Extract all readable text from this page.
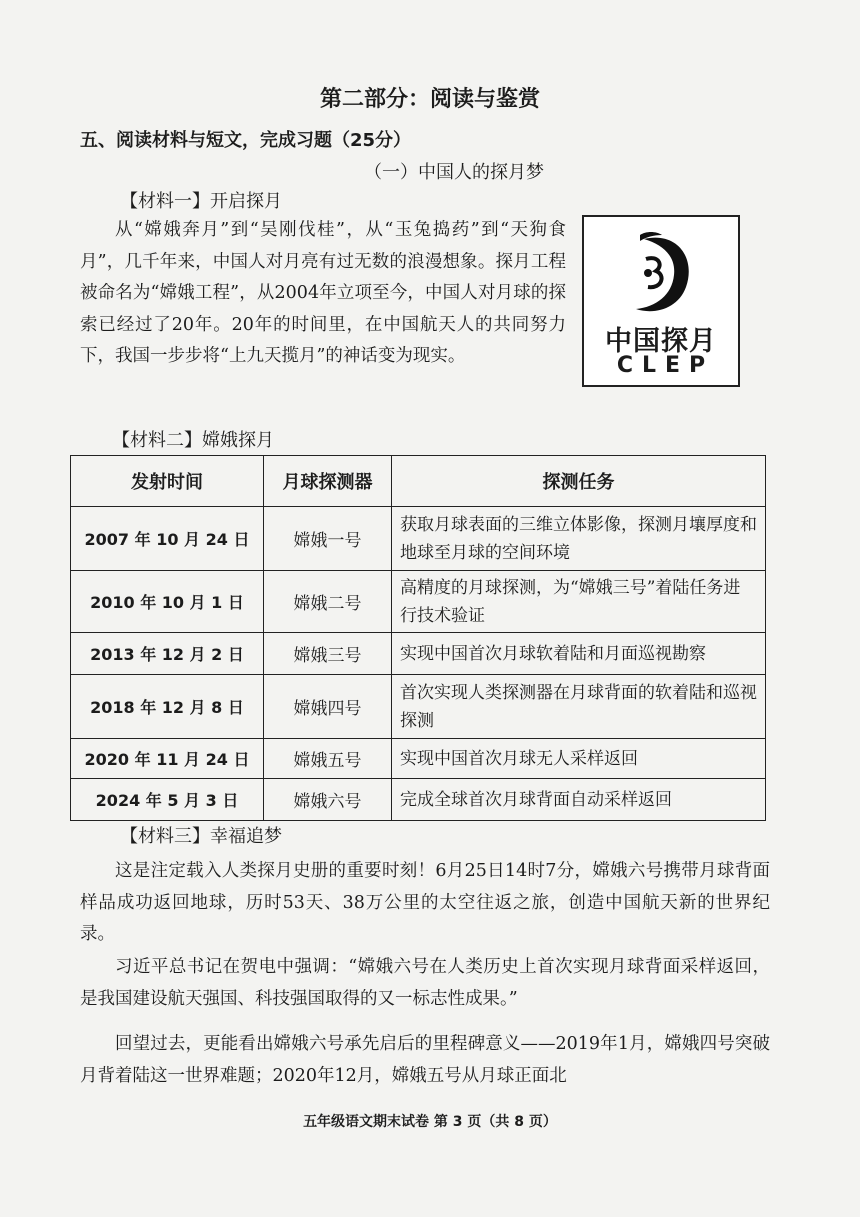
第二部分：阅读与鉴赏
五、阅读材料与短文，完成习题（25分）
（一）中国人的探月梦
【材料一】开启探月
从“嫦娥奔月”到“吴刚伐桂”，从“玉兔捣药”到“天狗食月”，几千年来，中国人对月亮有过无数的浪漫想象。探月工程被命名为“嫦娥工程”，从2004年立项至今，中国人对月球的探索已经过了20年。20年的时间里，在中国航天人的共同努力下，我国一步步将“上九天揽月”的神话变为现实。	中国探月
CLEP
【材料二】嫦娥探月
发射时间	月球探测器	探测任务
2007 年 10 月 24 日	嫦娥一号	获取月球表面的三维立体影像，探测月壤厚度和地球至月球的空间环境
2010 年 10 月 1 日	嫦娥二号	高精度的月球探测，为“嫦娥三号”着陆任务进行技术验证
2013 年 12 月 2 日	嫦娥三号	实现中国首次月球软着陆和月面巡视勘察
2018 年 12 月 8 日	嫦娥四号	首次实现人类探测器在月球背面的软着陆和巡视探测
2020 年 11 月 24 日	嫦娥五号	实现中国首次月球无人采样返回
2024 年 5 月 3 日	嫦娥六号	完成全球首次月球背面自动采样返回
【材料三】幸福追梦
这是注定载入人类探月史册的重要时刻！6月25日14时7分，嫦娥六号携带月球背面样品成功返回地球，历时53天、38万公里的太空往返之旅，创造中国航天新的世界纪录。
习近平总书记在贺电中强调：“嫦娥六号在人类历史上首次实现月球背面采样返回，是我国建设航天强国、科技强国取得的又一标志性成果。”
回望过去，更能看出嫦娥六号承先启后的里程碑意义——2019年1月，嫦娥四号突破月背着陆这一世界难题；2020年12月，嫦娥五号从月球正面北
五年级语文期末试卷 第 3 页（共 8 页）
